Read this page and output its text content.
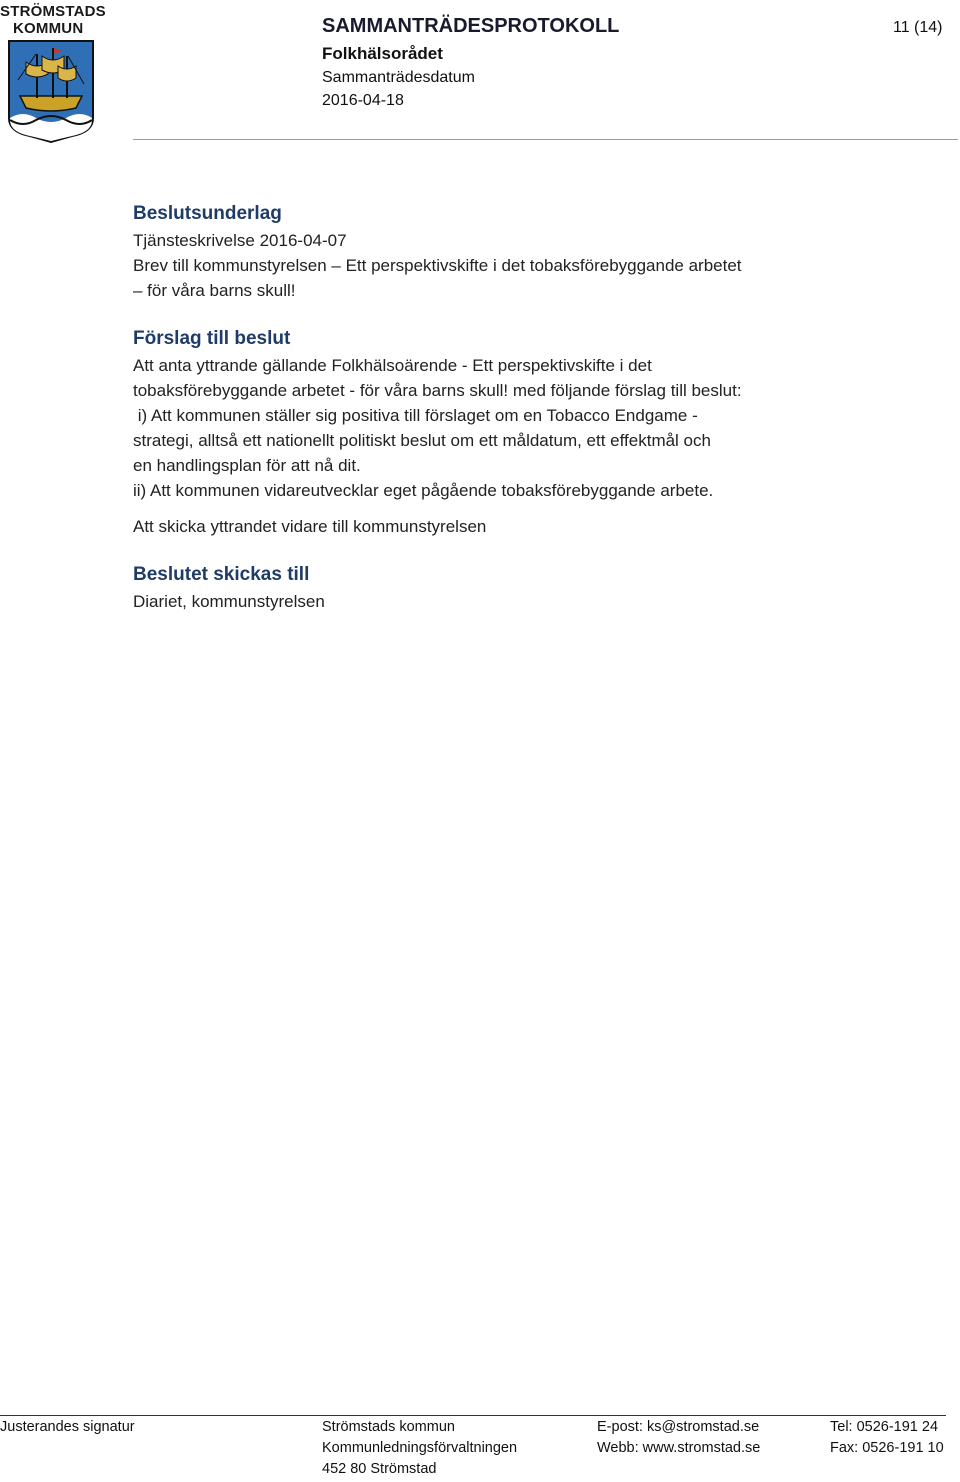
STRÖMSTADS
KOMMUN	SAMMANTRÄDESPROTOKOLL	11 (14)
Folkhälsorådet
Sammanträdesdatum
2016-04-18
Beslutsunderlag

Tjänsteskrivelse 2016-04-07

Brev till kommunstyrelsen – Ett perspektivskifte i det tobaksförebyggande arbetet

– för våra barns skull!

Förslag till beslut

Att anta yttrande gällande Folkhälsoärende - Ett perspektivskifte i det

tobaksförebyggande arbetet - för våra barns skull! med följande förslag till beslut:

i) Att kommunen ställer sig positiva till förslaget om en Tobacco Endgame -

strategi, alltså ett nationellt politiskt beslut om ett måldatum, ett effektmål och

en handlingsplan för att nå dit.

ii) Att kommunen vidareutvecklar eget pågående tobaksförebyggande arbete.

Att skicka yttrandet vidare till kommunstyrelsen
Beslutet skickas till
Diariet, kommunstyrelsen
Justerandes signatur	Strömstads kommun
Kommunledningsförvaltningen
452 80 Strömstad
E-post: ks@stromstad.se
Webb: www.stromstad.se
Tel: 0526-191 24
Fax: 0526-191 10
